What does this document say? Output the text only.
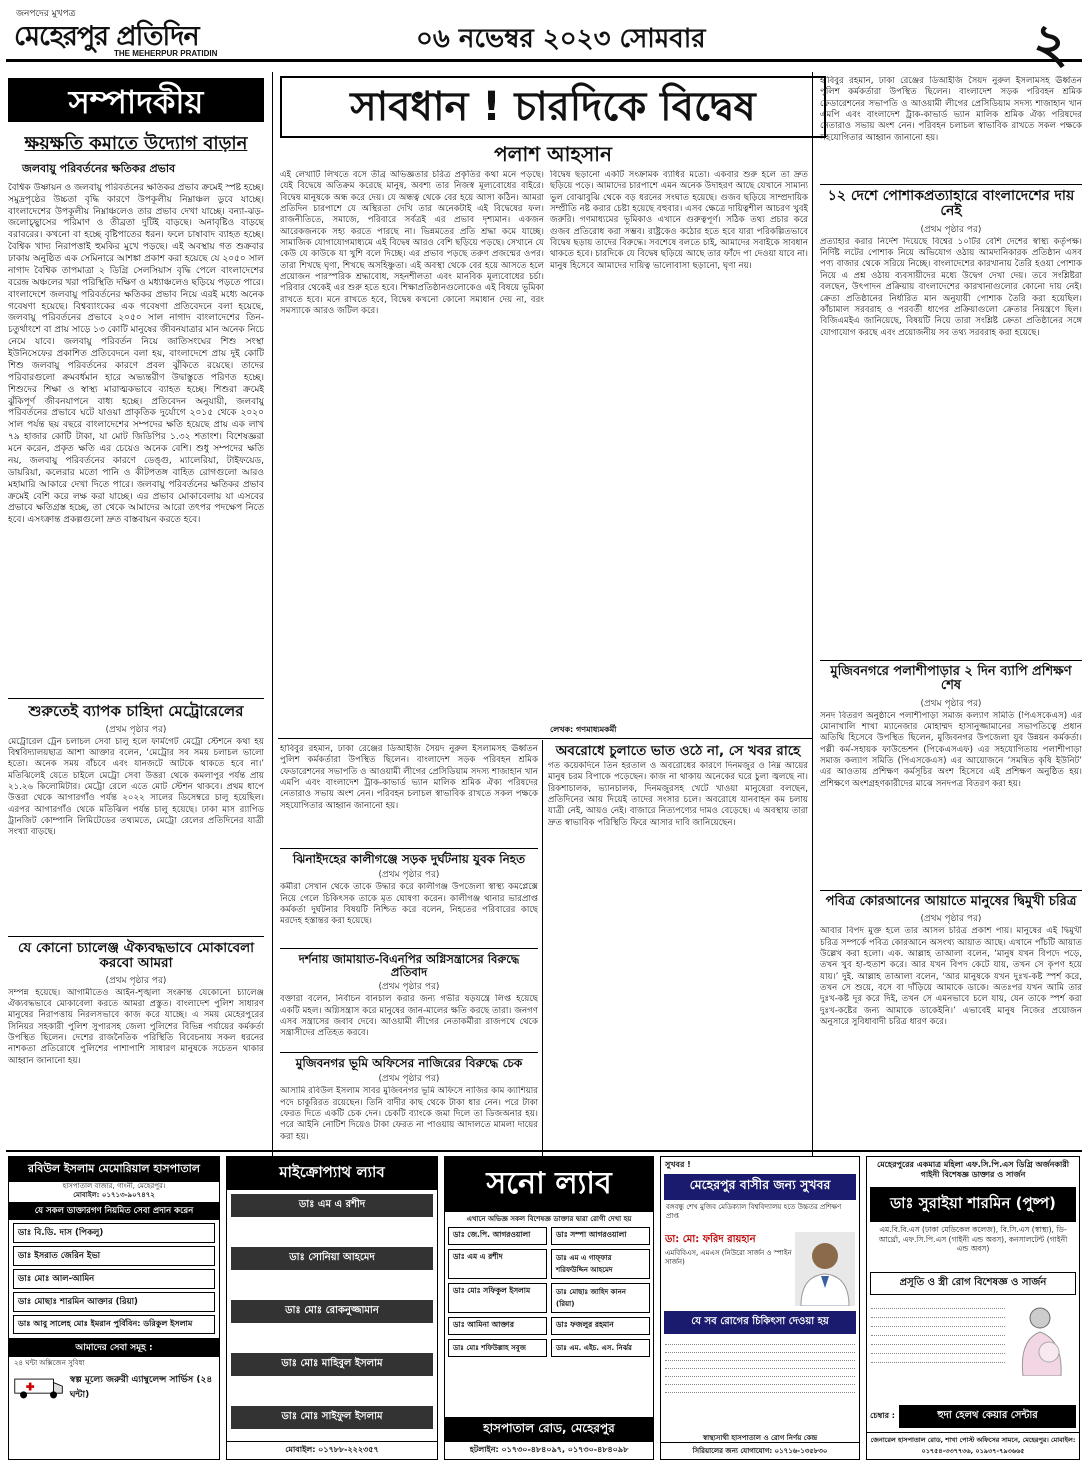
জনপদের মুখপত্র
মেহেরপুর প্রতিদিন
THE MEHERPUR PRATIDIN	০৬ নভেম্বর ২০২৩ সোমবার	২
সম্পাদকীয়
ক্ষয়ক্ষতি কমাতে উদ্যোগ বাড়ান
জলবায়ু পরিবর্তনের ক্ষতিকর প্রভাব
বৈশ্বিক উষ্ণায়ন ও জলবায়ু পরিবর্তনের ক্ষতিকর প্রভাব ক্রমেই স্পষ্ট হচ্ছে। সমুদ্রপৃষ্ঠের উচ্চতা বৃদ্ধি কারণে উপকূলীয় নিম্নাঞ্চল ডুবে যাচ্ছে। বাংলাদেশের উপকূলীয় নিম্নাঞ্চলেও তার প্রভাব দেখা যাচ্ছে। বন্যা-ঝড়-জলোচ্ছ্বাসের পরিমাণ ও তীব্রতা দুটিই বাড়ছে। অনাবৃষ্টিও বাড়ছে বরাবরের। কখনো বা হচ্ছে বৃষ্টিপাতের ধরন। ফলে চাষাবাদ ব্যাহত হচ্ছে। বৈশ্বিক খাদ্য নিরাপত্তাই হুমকির মুখে পড়ছে। এই অবস্থায় গত শুক্রবার ঢাকায় অনুষ্ঠিত এক সেমিনারে আশঙ্কা প্রকাশ করা হয়েছে যে ২০৫০ সাল নাগাদ বৈশ্বিক তাপমাত্রা ২ ডিগ্রি সেলসিয়াস বৃদ্ধি পেলে বাংলাদেশের বরেন্দ্র অঞ্চলের খরা পরিস্থিতি দক্ষিণ ও মধ্যাঞ্চলেও ছড়িয়ে পড়তে পারে। বাংলাদেশে জলবায়ু পরিবর্তনের ক্ষতিকর প্রভাব নিয়ে এরই মধ্যে অনেক গবেষণা হয়েছে। বিশ্বব্যাংকের এক গবেষণা প্রতিবেদনে বলা হয়েছে, জলবায়ু পরিবর্তনের প্রভাবে ২০৫০ সাল নাগাদ বাংলাদেশের তিন-চতুর্থাংশে বা প্রায় সাড়ে ১৩ কোটি মানুষের জীবনযাত্রার মান অনেক নিচে নেমে যাবে। জলবায়ু পরিবর্তন নিয়ে জাতিসংঘের শিশু সংস্থা ইউনিসেফের প্রকাশিত প্রতিবেদনে বলা হয়, বাংলাদেশে প্রায় দুই কোটি শিশু জলবায়ু পরিবর্তনের কারণে প্রবল ঝুঁকিতে রয়েছে। তাদের পরিবারগুলো ক্রমবর্ধমান হারে অভ্যন্তরীণ উদ্বাস্তুতে পরিণত হচ্ছে। শিশুদের শিক্ষা ও স্বাস্থ্য মারাত্মকভাবে ব্যাহত হচ্ছে। শিশুরা ক্রমেই ঝুঁকিপূর্ণ জীবনযাপনে বাধ্য হচ্ছে। প্রতিবেদন অনুযায়ী, জলবায়ু পরিবর্তনের প্রভাবে ঘটে যাওয়া প্রাকৃতিক দুর্যোগে ২০১৫ থেকে ২০২০ সাল পর্যন্ত ছয় বছরে বাংলাদেশের সম্পদের ক্ষতি হয়েছে প্রায় এক লাখ ৭৯ হাজার কোটি টাকা, যা মোট জিডিপির ১.৩২ শতাংশ। বিশেষজ্ঞরা মনে করেন, প্রকৃত ক্ষতি এর চেয়েও অনেক বেশি। শুধু সম্পদের ক্ষতি নয়, জলবায়ু পরিবর্তনের কারণে ডেঙ্গু, ম্যালেরিয়া, টাইফয়েড, ডায়রিয়া, কলেরার মতো পানি ও কীটপতঙ্গ বাহিত রোগগুলো আরও মহামারি আকারে দেখা দিতে পারে। জলবায়ু পরিবর্তনের ক্ষতিকর প্রভাব ক্রমেই বেশি করে লক্ষ করা যাচ্ছে। এর প্রভাব মোকাবেলায় যা এসবের প্রভাবে ক্ষতিগ্রস্ত হচ্ছে, তা থেকে আমাদের আরো তৎপর পদক্ষেপ নিতে হবে। এসংক্রান্ত প্রকল্পগুলো দ্রুত বাস্তবায়ন করতে হবে।
শুরুতেই ব্যাপক চাহিদা মেট্রোরেলের
(প্রথম পৃষ্ঠার পর)
মেট্রোরেল ট্রেন চলাচল সেবা চালু হলে ফার্মগেট মেট্রো স্টেশনে কথা হয় বিশ্ববিদ্যালয়ছাত্র আশা আক্তার বলেন, ‘মেট্রোর সব সময় চলাচল ভালো হতো। অনেক সময় বাঁচবে এবং যানজটে আটকে থাকতে হবে না।’ মতিঝিলেই যেতে চাইলে মেট্রো সেবা উত্তরা থেকে কমলাপুর পর্যন্ত প্রায় ২১.২৬ কিলোমিটার। মেট্রো রেলে এতে মোট স্টেশন থাকবে। প্রথম ধাপে উত্তরা থেকে আগারগাঁও পর্যন্ত ২০২২ সালের ডিসেম্বরে চালু হয়েছিল। এরপর আগারগাঁও থেকে মতিঝিল পর্যন্ত চালু হয়েছে। ঢাকা মাস র‍্যাপিড ট্রানজিট কোম্পানি লিমিটেডের তথ্যমতে, মেট্রো রেলের প্রতিদিনের যাত্রী সংখ্যা বাড়ছে।
যে কোনো চ্যালেঞ্জ ঐক্যবদ্ধভাবে মোকাবেলা করবো আমরা
(প্রথম পৃষ্ঠার পর)
সম্পন্ন হয়েছে। আগামীতেও আইন-শৃঙ্খলা সংক্রান্ত যেকোনো চ্যালেঞ্জ ঐক্যবদ্ধভাবে মোকাবেলা করতে আমরা প্রস্তুত। বাংলাদেশ পুলিশ সাধারণ মানুষের নিরাপত্তায় নিরলসভাবে কাজ করে যাচ্ছে। এ সময় মেহেরপুরের সিনিয়র সহকারী পুলিশ সুপারসহ জেলা পুলিশের বিভিন্ন পর্যায়ের কর্মকর্তা উপস্থিত ছিলেন। দেশের রাজনৈতিক পরিস্থিতি বিবেচনায় সকল ধরনের নাশকতা প্রতিরোধে পুলিশের পাশাপাশি সাধারণ মানুষকে সচেতন থাকার আহ্বান জানানো হয়।
সাবধান ! চারদিকে বিদ্বেষ
পলাশ আহসান
এই লেখাটি লিখতে বসে তীব্র অভিজ্ঞতার চরিত্র প্রকৃতির কথা মনে পড়ছে। যেই বিদ্বেষে অতিক্রম করেছে মানুষ, অবশ্য তার নিজস্ব মূল্যবোধের বাইরে। বিদ্বেষ মানুষকে অন্ধ করে দেয়। যে অন্ধত্ব থেকে বের হয়ে আসা কঠিন। আমরা প্রতিদিন চারপাশে যে অস্থিরতা দেখি তার অনেকটাই এই বিদ্বেষের ফল। রাজনীতিতে, সমাজে, পরিবারে সর্বত্রই এর প্রভাব দৃশ্যমান। একজন আরেকজনকে সহ্য করতে পারছে না। ভিন্নমতের প্রতি শ্রদ্ধা কমে যাচ্ছে। সামাজিক যোগাযোগমাধ্যমে এই বিদ্বেষ আরও বেশি ছড়িয়ে পড়ছে। সেখানে যে কেউ যে কাউকে যা খুশি বলে দিচ্ছে। এর প্রভাব পড়ছে তরুণ প্রজন্মের ওপর। তারা শিখছে ঘৃণা, শিখছে অসহিষ্ণুতা। এই অবস্থা থেকে বের হয়ে আসতে হলে প্রয়োজন পারস্পরিক শ্রদ্ধাবোধ, সহনশীলতা এবং মানবিক মূল্যবোধের চর্চা। পরিবার থেকেই এর শুরু হতে হবে। শিক্ষাপ্রতিষ্ঠানগুলোকেও এই বিষয়ে ভূমিকা রাখতে হবে। মনে রাখতে হবে, বিদ্বেষ কখনো কোনো সমাধান দেয় না, বরং সমস্যাকে আরও জটিল করে।
বিদ্বেষ ছড়ানো একটি সংক্রামক ব্যাধির মতো। একবার শুরু হলে তা দ্রুত ছড়িয়ে পড়ে। আমাদের চারপাশে এমন অনেক উদাহরণ আছে যেখানে সামান্য ভুল বোঝাবুঝি থেকে বড় ধরনের সংঘাত হয়েছে। গুজব ছড়িয়ে সাম্প্রদায়িক সম্প্রীতি নষ্ট করার চেষ্টা হয়েছে বহুবার। এসব ক্ষেত্রে দায়িত্বশীল আচরণ খুবই জরুরি। গণমাধ্যমের ভূমিকাও এখানে গুরুত্বপূর্ণ। সঠিক তথ্য প্রচার করে গুজব প্রতিরোধ করা সম্ভব। রাষ্ট্রকেও কঠোর হতে হবে যারা পরিকল্পিতভাবে বিদ্বেষ ছড়ায় তাদের বিরুদ্ধে। সবশেষে বলতে চাই, আমাদের সবাইকে সাবধান থাকতে হবে। চারদিকে যে বিদ্বেষ ছড়িয়ে আছে তার ফাঁদে পা দেওয়া যাবে না। মানুষ হিসেবে আমাদের দায়িত্ব ভালোবাসা ছড়ানো, ঘৃণা নয়।
লেখক: গণমাধ্যমকর্মী
হাবিবুর রহমান, ঢাকা রেঞ্জের ডিআইজি সৈয়দ নুরুল ইসলামসহ ঊর্ধ্বতন পুলিশ কর্মকর্তারা উপস্থিত ছিলেন। বাংলাদেশ সড়ক পরিবহন শ্রমিক ফেডারেশনের সভাপতি ও আওয়ামী লীগের প্রেসিডিয়াম সদস্য শাজাহান খান এমপি এবং বাংলাদেশ ট্রাক-কাভার্ড ভ্যান মালিক শ্রমিক ঐক্য পরিষদের নেতারাও সভায় অংশ নেন। পরিবহন চলাচল স্বাভাবিক রাখতে সকল পক্ষকে সহযোগিতার আহ্বান জানানো হয়।
১২ দেশে পোশাকপ্রত্যাহারে বাংলাদেশের দায় নেই
(প্রথম পৃষ্ঠার পর)
প্রত্যাহার করার নির্দেশ দিয়েছে বিশ্বের ১০টির বেশি দেশের স্বাস্থ্য কর্তৃপক্ষ। নির্দিষ্ট লটের পোশাক নিয়ে অভিযোগ ওঠায় আমদানিকারক প্রতিষ্ঠান এসব পণ্য বাজার থেকে সরিয়ে নিচ্ছে। বাংলাদেশের কারখানায় তৈরি হওয়া পোশাক নিয়ে এ প্রশ্ন ওঠায় ব্যবসায়ীদের মধ্যে উদ্বেগ দেখা দেয়। তবে সংশ্লিষ্টরা বলছেন, উৎপাদন প্রক্রিয়ায় বাংলাদেশের কারখানাগুলোর কোনো দায় নেই। ক্রেতা প্রতিষ্ঠানের নির্ধারিত মান অনুযায়ী পোশাক তৈরি করা হয়েছিল। কাঁচামাল সরবরাহ ও পরবর্তী ধাপের প্রক্রিয়াগুলো ক্রেতার নিয়ন্ত্রণে ছিল। বিজিএমইএ জানিয়েছে, বিষয়টি নিয়ে তারা সংশ্লিষ্ট ক্রেতা প্রতিষ্ঠানের সঙ্গে যোগাযোগ করছে এবং প্রয়োজনীয় সব তথ্য সরবরাহ করা হয়েছে।
মুজিবনগরে পলাশীপাড়ার ২ দিন ব্যাপি প্রশিক্ষণ শেষ
(প্রথম পৃষ্ঠার পর)
সনদ বিতরণ অনুষ্ঠানে পলাশীপাড়া সমাজ কল্যাণ সমিতি (পিএসকেএস) এর মোনাখালি শাখা ম্যানেজার মোহাম্মদ হাসানুজ্জামানের সভাপতিত্বে প্রধান অতিথি হিসেবে উপস্থিত ছিলেন, মুজিবনগর উপজেলা যুব উন্নয়ন কর্মকর্তা। পল্লী কর্ম-সহায়ক ফাউন্ডেশন (পিকেএসএফ) এর সহযোগিতায় পলাশীপাড়া সমাজ কল্যাণ সমিতি (পিএসকেএস) এর আয়োজনে ‘সমন্বিত কৃষি ইউনিট’ এর আওতায় প্রশিক্ষণ কর্মসূচির অংশ হিসেবে এই প্রশিক্ষণ অনুষ্ঠিত হয়। প্রশিক্ষণে অংশগ্রহণকারীদের মাঝে সনদপত্র বিতরণ করা হয়।
পবিত্র কোরআনের আয়াতে মানুষের দ্বিমুখী চরিত্র
(প্রথম পৃষ্ঠার পর)
আবার বিপদ মুক্ত হলে তার আসল চরিত্র প্রকাশ পায়। মানুষের এই দ্বিমুখী চরিত্র সম্পর্কে পবিত্র কোরআনে অসংখ্য আয়াত আছে। এখানে পাঁচটি আয়াত উল্লেখ করা হলো। এক. আল্লাহ তাআলা বলেন, ‘মানুষ যখন বিপদে পড়ে, তখন খুব হা-হুতাশ করে। আর যখন বিপদ কেটে যায়, তখন সে কৃপণ হয়ে যায়।’ দুই. আল্লাহ তাআলা বলেন, ‘আর মানুষকে যখন দুঃখ-কষ্ট স্পর্শ করে, তখন সে শুয়ে, বসে বা দাঁড়িয়ে আমাকে ডাকে। অতঃপর যখন আমি তার দুঃখ-কষ্ট দূর করে দিই, তখন সে এমনভাবে চলে যায়, যেন তাকে স্পর্শ করা দুঃখ-কষ্টের জন্য আমাকে ডাকেইনি।’ এভাবেই মানুষ নিজের প্রয়োজন অনুসারে সুবিধাবাদী চরিত্র ধারণ করে।
হাবিবুর রহমান, ঢাকা রেঞ্জের ডিআইজি সৈয়দ নুরুল ইসলামসহ ঊর্ধ্বতন পুলিশ কর্মকর্তারা উপস্থিত ছিলেন। বাংলাদেশ সড়ক পরিবহন শ্রমিক ফেডারেশনের সভাপতি ও আওয়ামী লীগের প্রেসিডিয়াম সদস্য শাজাহান খান এমপি এবং বাংলাদেশ ট্রাক-কাভার্ড ভ্যান মালিক শ্রমিক ঐক্য পরিষদের নেতারাও সভায় অংশ নেন। পরিবহন চলাচল স্বাভাবিক রাখতে সকল পক্ষকে সহযোগিতার আহ্বান জানানো হয়।
অবরোধে চুলাতে ভাত ওঠে না, সে খবর রাহে
গত কয়েকদিনে তিন হরতাল ও অবরোধের কারণে দিনমজুর ও নিম্ন আয়ের মানুষ চরম বিপাকে পড়েছেন। কাজ না থাকায় অনেকের ঘরে চুলা জ্বলছে না। রিকশাচালক, ভ্যানচালক, দিনমজুরসহ খেটে খাওয়া মানুষেরা বলছেন, প্রতিদিনের আয় দিয়েই তাদের সংসার চলে। অবরোধে যানবাহন কম চলায় যাত্রী নেই, আয়ও নেই। বাজারে নিত্যপণ্যের দামও বেড়েছে। এ অবস্থায় তারা দ্রুত স্বাভাবিক পরিস্থিতি ফিরে আসার দাবি জানিয়েছেন।
ঝিনাইদহের কালীগঞ্জে সড়ক দুর্ঘটনায় যুবক নিহত
(প্রথম পৃষ্ঠার পর)
কর্মীরা সেখান থেকে তাকে উদ্ধার করে কালীগঞ্জ উপজেলা স্বাস্থ্য কমপ্লেক্সে নিয়ে গেলে চিকিৎসক তাকে মৃত ঘোষণা করেন। কালীগঞ্জ থানার ভারপ্রাপ্ত কর্মকর্তা দুর্ঘটনার বিষয়টি নিশ্চিত করে বলেন, নিহতের পরিবারের কাছে মরদেহ হস্তান্তর করা হয়েছে।
দর্শনায় জামায়াত-বিএনপির অগ্নিসন্ত্রাসের বিরুদ্ধে প্রতিবাদ
(প্রথম পৃষ্ঠার পর)
বক্তারা বলেন, নির্বাচন বানচাল করার জন্য গভীর ষড়যন্ত্রে লিপ্ত হয়েছে একটি মহল। অগ্নিসন্ত্রাস করে মানুষের জান-মালের ক্ষতি করছে তারা। জনগণ এসব সন্ত্রাসের জবাব দেবে। আওয়ামী লীগের নেতাকর্মীরা রাজপথে থেকে সন্ত্রাসীদের প্রতিহত করবে।
মুজিবনগর ভূমি অফিসের নাজিরের বিরুদ্ধে চেক
(প্রথম পৃষ্ঠার পর)
আসামি রবিউল ইসলাম সাবর মুজিবনগর ভূমি অফিসে নাজির কাম ক্যাশিয়ার পদে চাকুরিরত রয়েছেন। তিনি বাদীর কাছ থেকে টাকা ধার নেন। পরে টাকা ফেরত দিতে একটি চেক দেন। চেকটি ব্যাংকে জমা দিলে তা ডিজঅনার হয়। পরে আইনি নোটিশ দিয়েও টাকা ফেরত না পাওয়ায় আদালতে মামলা দায়ের করা হয়।
রবিউল ইসলাম মেমোরিয়াল হাসপাতাল
হাসপাতাল বাজার, গাংনী, মেহেরপুর।
মোবাইল: ০১৭১৩-৯০৭৪৭২
যে সকল ডাক্তারগণ নিয়মিত সেবা প্রদান করেন
ডাঃ বি.ডি. দাস (পিকলু)
ডাঃ ইসরাত জেরিন ইভা
ডাঃ মোঃ আল-আমিন
ডাঃ মোছাঃ শারমিন আক্তার (রিয়া)
ডাঃ আবু সালেহ মোঃ ইমরান পুর্বিবিন: ডরিকুল ইসলাম
আমাদের সেবা সমূহ :
২৪ ঘন্টা অক্সিজেন সুবিধা
স্বল্প মূল্যে জরুরী এ্যাম্বুলেন্স সার্ভিস (২৪ ঘন্টা)
মাইক্রোপ্যাথ ল্যাব
ডাঃ এম এ রশীদ
ডাঃ সোনিয়া আহমেদ
ডাঃ মোঃ রোকনুজ্জামান
ডাঃ মোঃ মাহিবুল ইসলাম
ডাঃ মোঃ সাইফুল ইসলাম
মোবাইল: ০১৭৮৮-২২২৩৫৭
সনো ল্যাব
এখানে অভিজ্ঞ সকল বিশেষজ্ঞ ডাক্তার দ্বারা রোগী দেখা হয়
ডাঃ জে.পি. আগরওয়ালা	ডাঃ সম্পা আগরওয়ালা
ডাঃ এম এ রশীদ	ডাঃ এম এ গাফ্ফার শরিফউদ্দিন আহমেদ
ডাঃ মোঃ সফিকুল ইসলাম	ডাঃ মোছাঃ জাহিদ কানন (রিয়া)
ডাঃ আমিনা আক্তার	ডাঃ ফজলুর রহমান
ডাঃ মোঃ শফিউল্লাহ সবুজ	ডাঃ এম. এইচ. এস. নির্ঝর
হাসপাতাল রোড, মেহেরপুর
হটলাইন: ০১৭৩০-৪৮৪০৯৭, ০১৭৩০-৪৮৪০৯৮
সুখবর !
মেহেরপুর বাসীর জন্য সুখবর
বঙ্গবন্ধু শেখ মুজিব মেডিক্যাল বিশ্ববিদ্যালয় হতে উচ্চতর প্রশিক্ষণ প্রাপ্ত
ডা: মো: ফরিদ রায়হান
এমবিবিএস, এমএস (নিউরো সার্জন ও স্পাইন সার্জন)
যে সব রোগের চিকিৎসা দেওয়া হয়
স্বাস্থ্যসাথী হাসপাতাল ও রোগ নির্ণয় কেন্দ্র
সিরিয়ালের জন্য যোগাযোগ: ০১৭১৬-১৩৫৮৩০
মেহেরপুরের একমাত্র মহিলা এফ.সি.পি.এস ডিগ্রি অর্জনকারী গাইনী বিশেষজ্ঞ ডাক্তার ও সার্জন
ডাঃ সুরাইয়া শারমিন (পুষ্প)
এম.বি.বি.এস (ঢাকা মেডিকেল কলেজ), বি.সি.এস (স্বাস্থ্য), ডি-আর্থ্রো, এফ.সি.পি.এস (গাইনী এন্ড অবস), কনসালটেন্ট (গাইনী এন্ড অবস)
প্রসূতি ও স্ত্রী রোগ বিশেষজ্ঞ ও সার্জন
চেম্বার :	হুদা হেলথ কেয়ার সেন্টার
জেনারেল হাসপাতাল রোড, শাখা পোস্ট অফিসের সামনে, মেহেরপুর। মোবাইল: ০১৭৫৪-৩৩৭৭৩৬, ০১৯৩৭-৭৯৩৬৬৫
